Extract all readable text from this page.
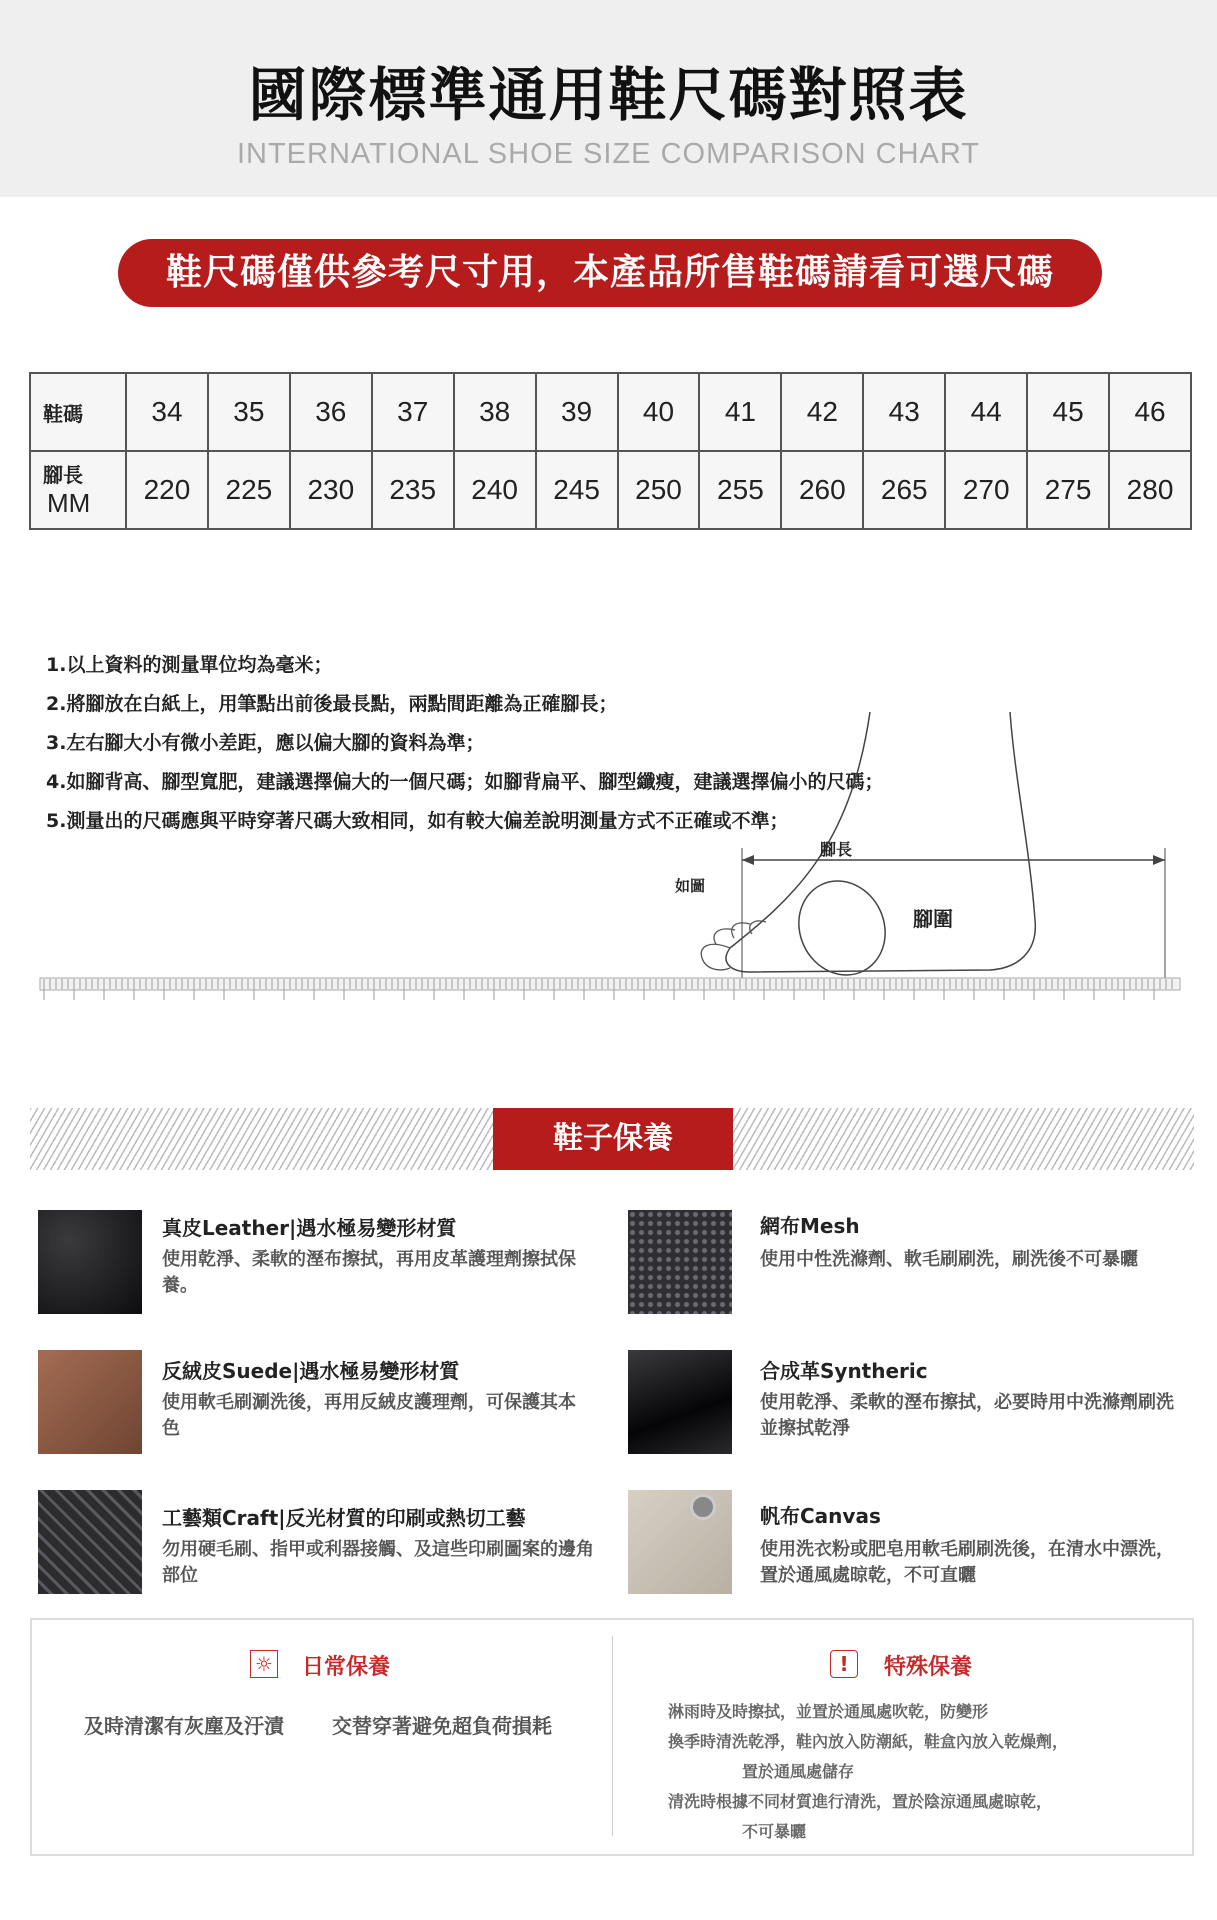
國際標準通用鞋尺碼對照表
INTERNATIONAL SHOE SIZE COMPARISON CHART
鞋尺碼僅供參考尺寸用，本產品所售鞋碼請看可選尺碼
鞋碼	34	35	36	37	38	39	40	41	42	43	44	45	46

腳長
MM	220	225	230	235	240	245	250	255	260	265	270	275	280
1.以上資料的測量單位均為毫米；
2.將腳放在白紙上，用筆點出前後最長點，兩點間距離為正確腳長；
3.左右腳大小有微小差距，應以偏大腳的資料為準；
4.如腳背高、腳型寬肥，建議選擇偏大的一個尺碼；如腳背扁平、腳型纖瘦，建議選擇偏小的尺碼；
5.測量出的尺碼應與平時穿著尺碼大致相同，如有較大偏差說明測量方式不正確或不準；
腳長
如圖
腳圍
鞋子保養
真皮Leather|遇水極易變形材質
使用乾淨、柔軟的溼布擦拭，再用皮革護理劑擦拭保養。
反絨皮Suede|遇水極易變形材質
使用軟毛刷涮洗後，再用反絨皮護理劑，可保護其本色
工藝類Craft|反光材質的印刷或熱切工藝
勿用硬毛刷、指甲或利器接觸、及這些印刷圖案的邊角部位
網布Mesh
使用中性洗滌劑、軟毛刷刷洗，刷洗後不可暴曬
合成革Syntheric
使用乾淨、柔軟的溼布擦拭，必要時用中洗滌劑刷洗並擦拭乾淨
帆布Canvas
使用洗衣粉或肥皂用軟毛刷刷洗後，在清水中漂洗，置於通風處晾乾，不可直曬
☼ 日常保養
及時清潔有灰塵及汙漬 交替穿著避免超負荷損耗
!	特殊保養
淋雨時及時擦拭，並置於通風處吹乾，防變形
換季時清洗乾淨，鞋內放入防潮紙，鞋盒內放入乾燥劑，
置於通風處儲存
清洗時根據不同材質進行清洗，置於陰涼通風處晾乾，
不可暴曬
